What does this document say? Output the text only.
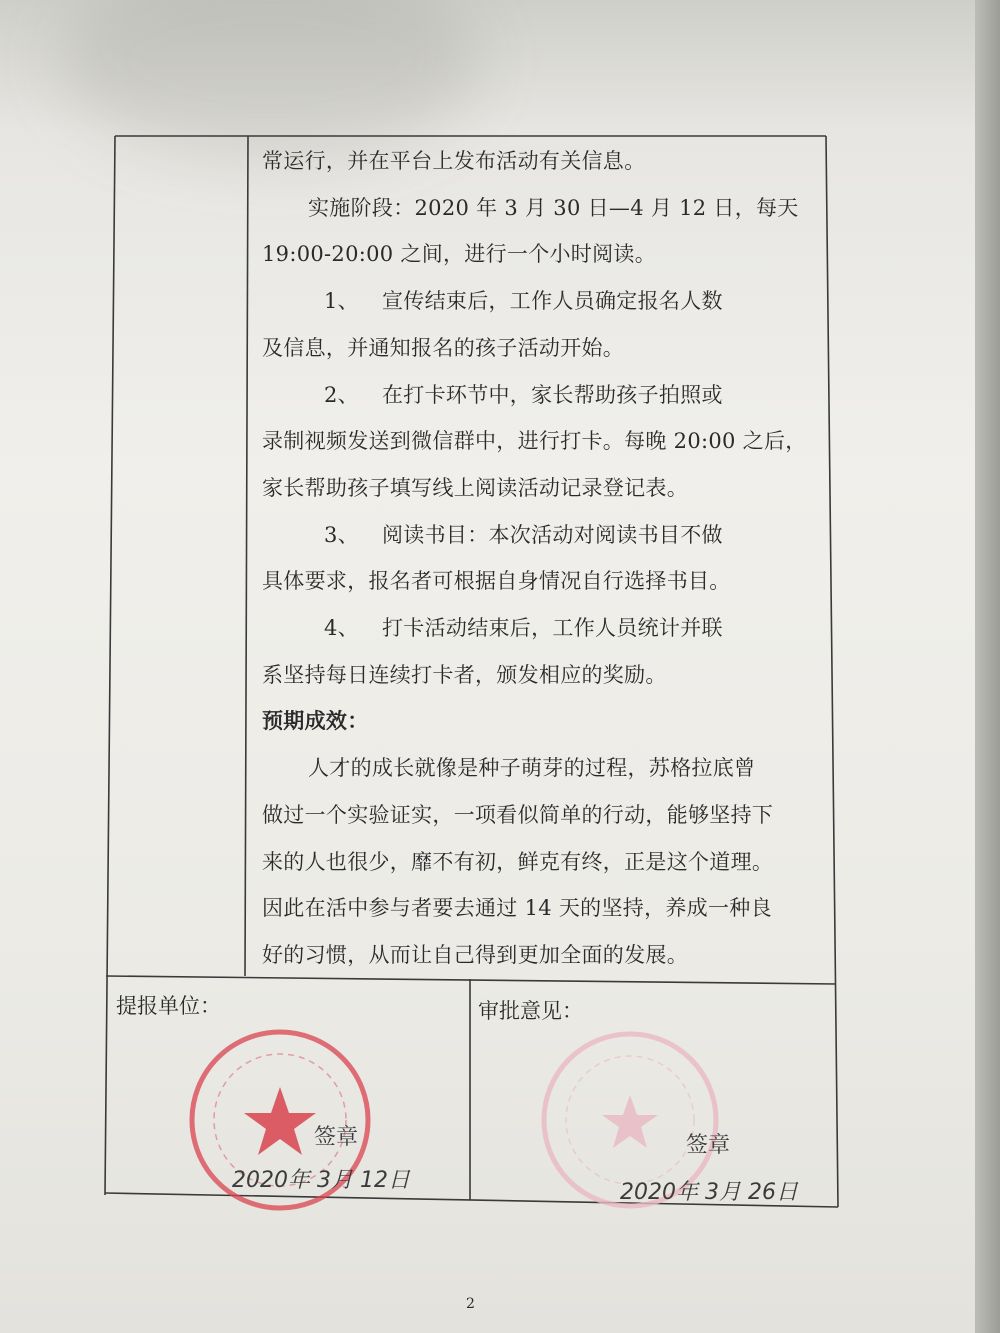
常运行，并在平台上发布活动有关信息。

实施阶段：2020 年 3 月 30 日—4 月 12 日，每天

19:00-20:00 之间，进行一个小时阅读。

1、 宣传结束后，工作人员确定报名人数

及信息，并通知报名的孩子活动开始。

2、 在打卡环节中，家长帮助孩子拍照或

录制视频发送到微信群中，进行打卡。每晚 20:00 之后，

家长帮助孩子填写线上阅读活动记录登记表。

3、 阅读书目：本次活动对阅读书目不做

具体要求，报名者可根据自身情况自行选择书目。

4、 打卡活动结束后，工作人员统计并联

系坚持每日连续打卡者，颁发相应的奖励。

预期成效：

人才的成长就像是种子萌芽的过程，苏格拉底曾

做过一个实验证实，一项看似简单的行动，能够坚持下

来的人也很少，靡不有初，鲜克有终，正是这个道理。

因此在活中参与者要去通过 14 天的坚持，养成一种良

好的习惯，从而让自己得到更加全面的发展。

提报单位：	审批意见：
签章	签章
2020年 3月 12日	2020年 3月 26日
2
